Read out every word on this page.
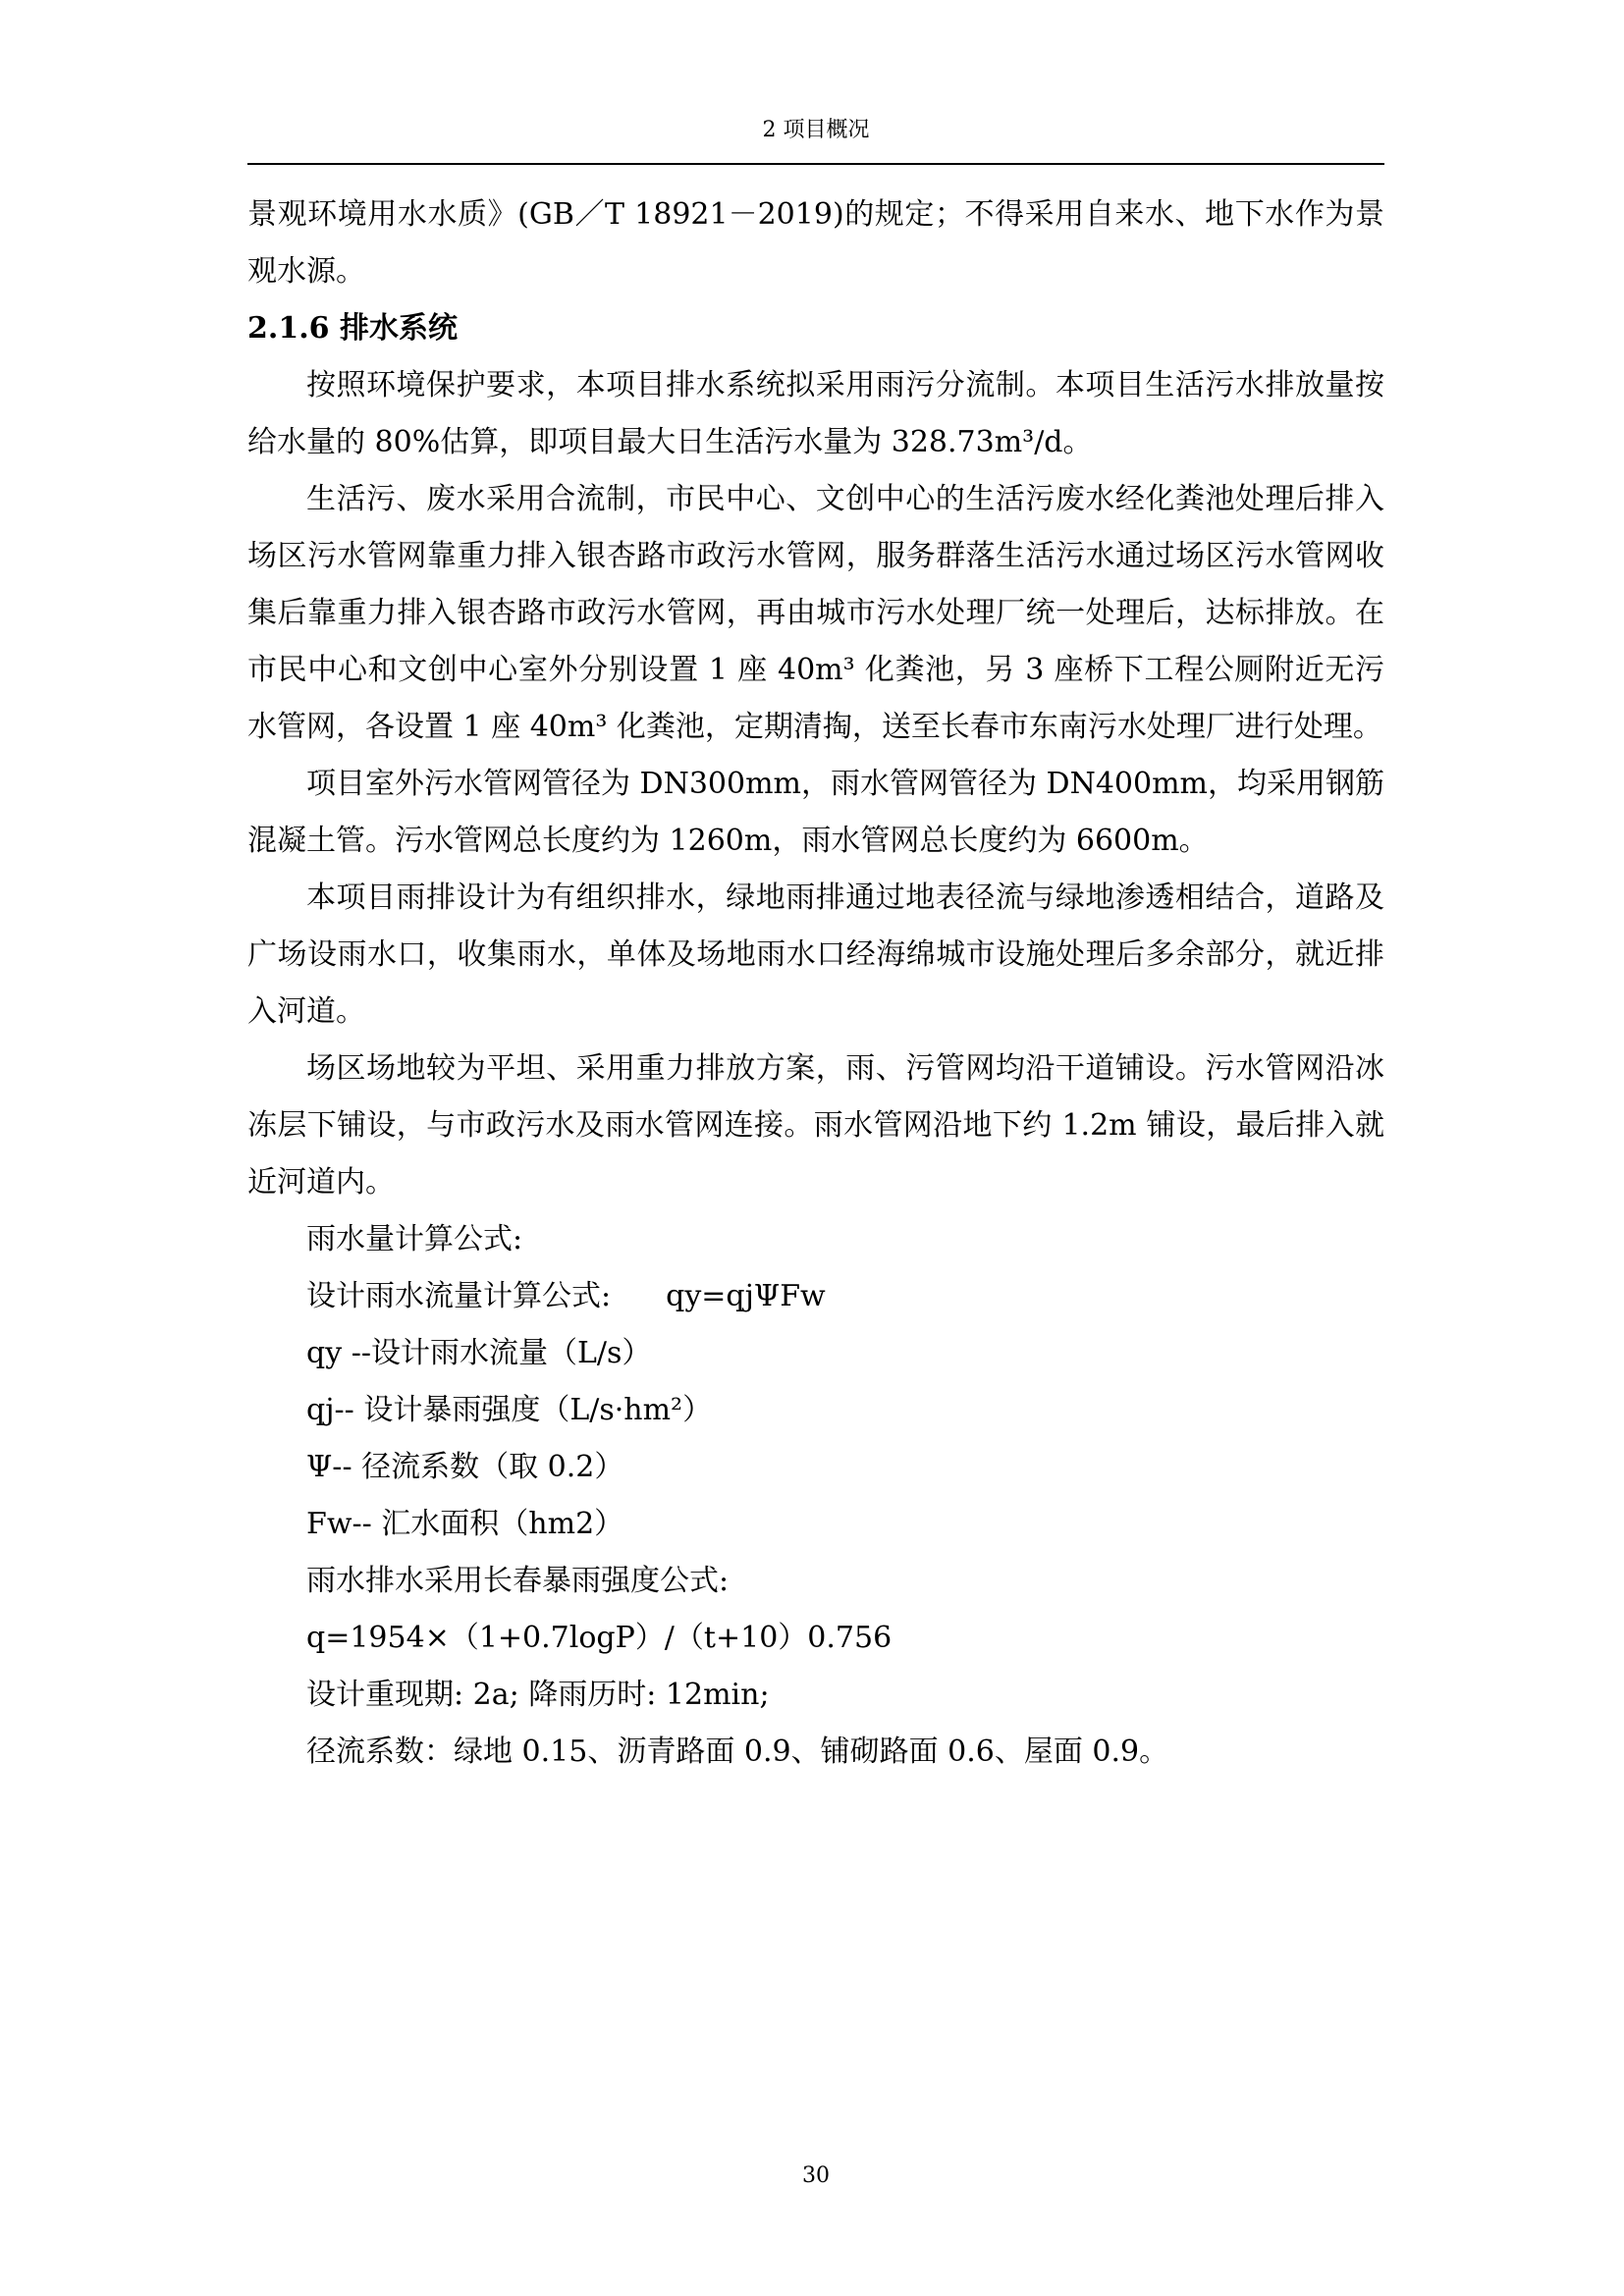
2 项目概况

景观环境用水水质》(GB／T 18921－2019)的规定；不得采用自来水、地下水作为景观水源。

2.1.6 排水系统

按照环境保护要求，本项目排水系统拟采用雨污分流制。本项目生活污水排放量按给水量的 80%估算，即项目最大日生活污水量为 328.73m³/d。

生活污、废水采用合流制，市民中心、文创中心的生活污废水经化粪池处理后排入场区污水管网靠重力排入银杏路市政污水管网，服务群落生活污水通过场区污水管网收集后靠重力排入银杏路市政污水管网，再由城市污水处理厂统一处理后，达标排放。在市民中心和文创中心室外分别设置 1 座 40m³ 化粪池，另 3 座桥下工程公厕附近无污水管网，各设置 1 座 40m³ 化粪池，定期清掏，送至长春市东南污水处理厂进行处理。

项目室外污水管网管径为 DN300mm，雨水管网管径为 DN400mm，均采用钢筋混凝土管。污水管网总长度约为 1260m，雨水管网总长度约为 6600m。

本项目雨排设计为有组织排水，绿地雨排通过地表径流与绿地渗透相结合，道路及广场设雨水口，收集雨水，单体及场地雨水口经海绵城市设施处理后多余部分，就近排入河道。

场区场地较为平坦、采用重力排放方案，雨、污管网均沿干道铺设。污水管网沿冰冻层下铺设，与市政污水及雨水管网连接。雨水管网沿地下约 1.2m 铺设，最后排入就近河道内。

雨水量计算公式:

设计雨水流量计算公式: qy=qjΨFw

qy --设计雨水流量（L/s）

qj-- 设计暴雨强度（L/s·hm²）

Ψ-- 径流系数（取 0.2）

Fw-- 汇水面积（hm2）

雨水排水采用长春暴雨强度公式:

q=1954×（1+0.7logP）/（t+10）0.756

设计重现期: 2a; 降雨历时: 12min;

径流系数：绿地 0.15、沥青路面 0.9、铺砌路面 0.6、屋面 0.9。

30
